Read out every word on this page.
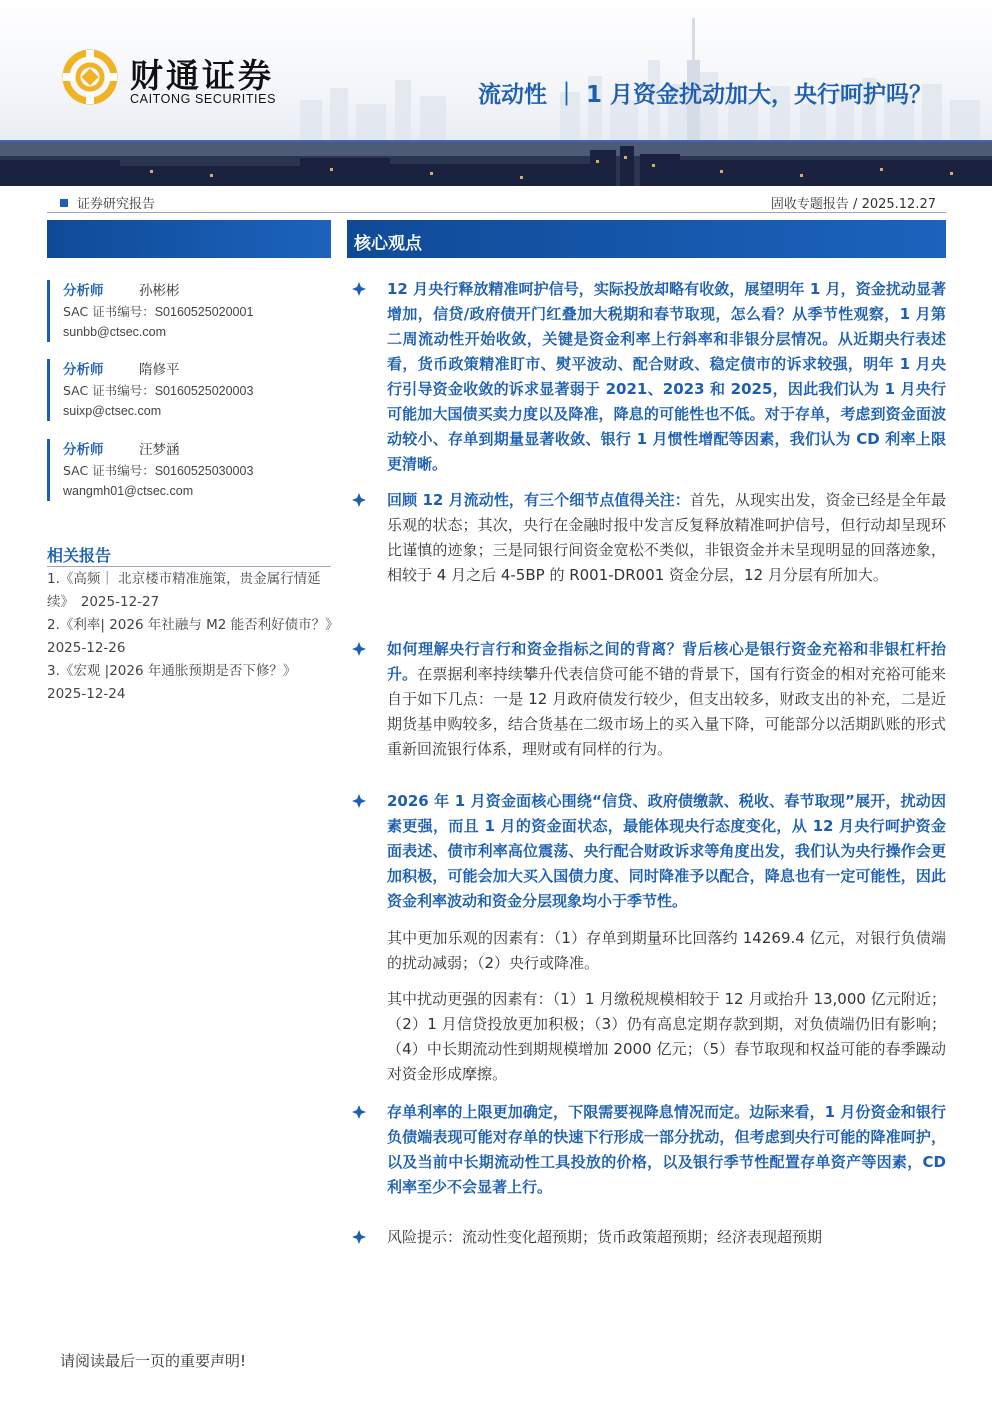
财通证券
CAITONG SECURITIES	流动性 ｜ 1 月资金扰动加大，央行呵护吗？
证券研究报告	固收专题报告 / 2025.12.27
分析师	孙彬彬
SAC 证书编号：S0160525020001
sunbb@ctsec.com
分析师	隋修平
SAC 证书编号：S0160525020003
suixp@ctsec.com
分析师	汪梦涵
SAC 证书编号：S0160525030003
wangmh01@ctsec.com
相关报告
1.《高频｜ 北京楼市精准施策，贵金属行情延续》　2025-12-27
2.《利率| 2026 年社融与 M2 能否利好债市？》　2025-12-26
3.《宏观 |2026 年通胀预期是否下修？》 2025-12-24
核心观点
12 月央行释放精准呵护信号，实际投放却略有收敛，展望明年 1 月，资金扰动显著增加，信贷/政府债开门红叠加大税期和春节取现，怎么看？从季节性观察，1 月第二周流动性开始收敛，关键是资金利率上行斜率和非银分层情况。从近期央行表述看，货币政策精准盯市、熨平波动、配合财政、稳定债市的诉求较强，明年 1 月央行引导资金收敛的诉求显著弱于 2021、2023 和 2025，因此我们认为 1 月央行可能加大国债买卖力度以及降准，降息的可能性也不低。对于存单，考虑到资金面波动较小、存单到期量显著收敛、银行 1 月惯性增配等因素，我们认为 CD 利率上限更清晰。
回顾 12 月流动性，有三个细节点值得关注：首先，从现实出发，资金已经是全年最乐观的状态；其次，央行在金融时报中发言反复释放精准呵护信号，但行动却呈现环比谨慎的迹象；三是同银行间资金宽松不类似，非银资金并未呈现明显的回落迹象，相较于 4 月之后 4-5BP 的 R001-DR001 资金分层，12 月分层有所加大。
如何理解央行言行和资金指标之间的背离？背后核心是银行资金充裕和非银杠杆抬升。在票据利率持续攀升代表信贷可能不错的背景下，国有行资金的相对充裕可能来自于如下几点：一是 12 月政府债发行较少，但支出较多，财政支出的补充，二是近期货基申购较多，结合货基在二级市场上的买入量下降，可能部分以活期趴账的形式重新回流银行体系，理财或有同样的行为。
2026 年 1 月资金面核心围绕“信贷、政府债缴款、税收、春节取现”展开，扰动因素更强，而且 1 月的资金面状态，最能体现央行态度变化，从 12 月央行呵护资金面表述、债市利率高位震荡、央行配合财政诉求等角度出发，我们认为央行操作会更加积极，可能会加大买入国债力度、同时降准予以配合，降息也有一定可能性，因此资金利率波动和资金分层现象均小于季节性。
其中更加乐观的因素有：（1）存单到期量环比回落约 14269.4 亿元，对银行负债端的扰动减弱；（2）央行或降准。
其中扰动更强的因素有：（1）1 月缴税规模相较于 12 月或抬升 13,000 亿元附近；（2）1 月信贷投放更加积极；（3）仍有高息定期存款到期，对负债端仍旧有影响；（4）中长期流动性到期规模增加 2000 亿元；（5）春节取现和权益可能的春季躁动对资金形成摩擦。
存单利率的上限更加确定，下限需要视降息情况而定。边际来看，1 月份资金和银行负债端表现可能对存单的快速下行形成一部分扰动，但考虑到央行可能的降准呵护，以及当前中长期流动性工具投放的价格，以及银行季节性配置存单资产等因素，CD 利率至少不会显著上行。
风险提示：流动性变化超预期；货币政策超预期；经济表现超预期
请阅读最后一页的重要声明!
